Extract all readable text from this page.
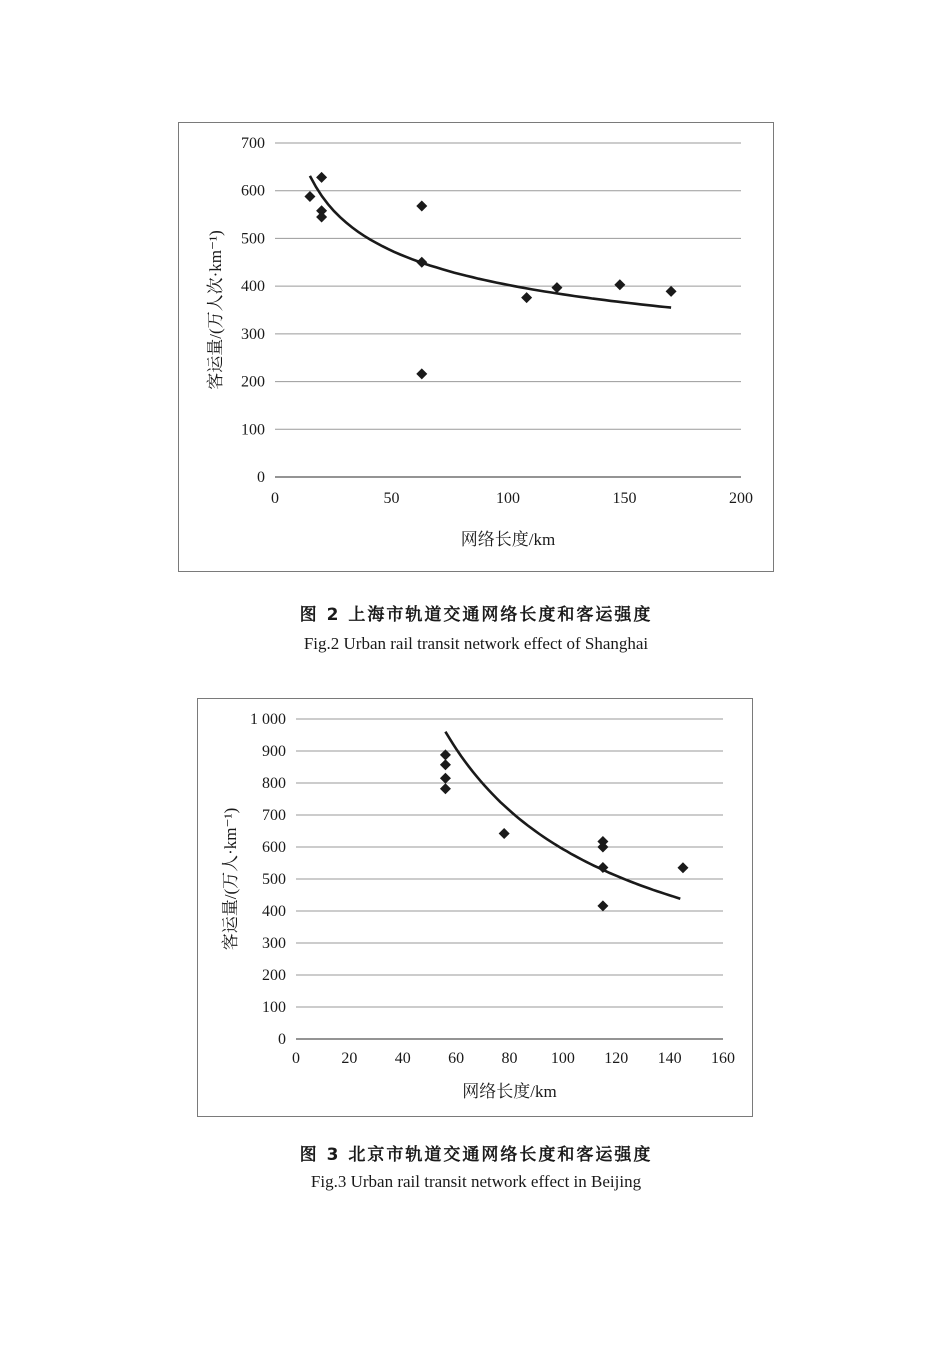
0
100
200
300
400
500
600
700
0	50	100	150	200
网络长度/km
客运量/(万人次·km⁻¹)
图 2 上海市轨道交通网络长度和客运强度
Fig.2 Urban rail transit network effect of Shanghai
0
100
200
300
400
500
600
700
800
900
1 000
0	20 40 60 80 100 120 140 160
网络长度/km
客运量/(万人·km⁻¹)
图 3 北京市轨道交通网络长度和客运强度
Fig.3 Urban rail transit network effect in Beijing
